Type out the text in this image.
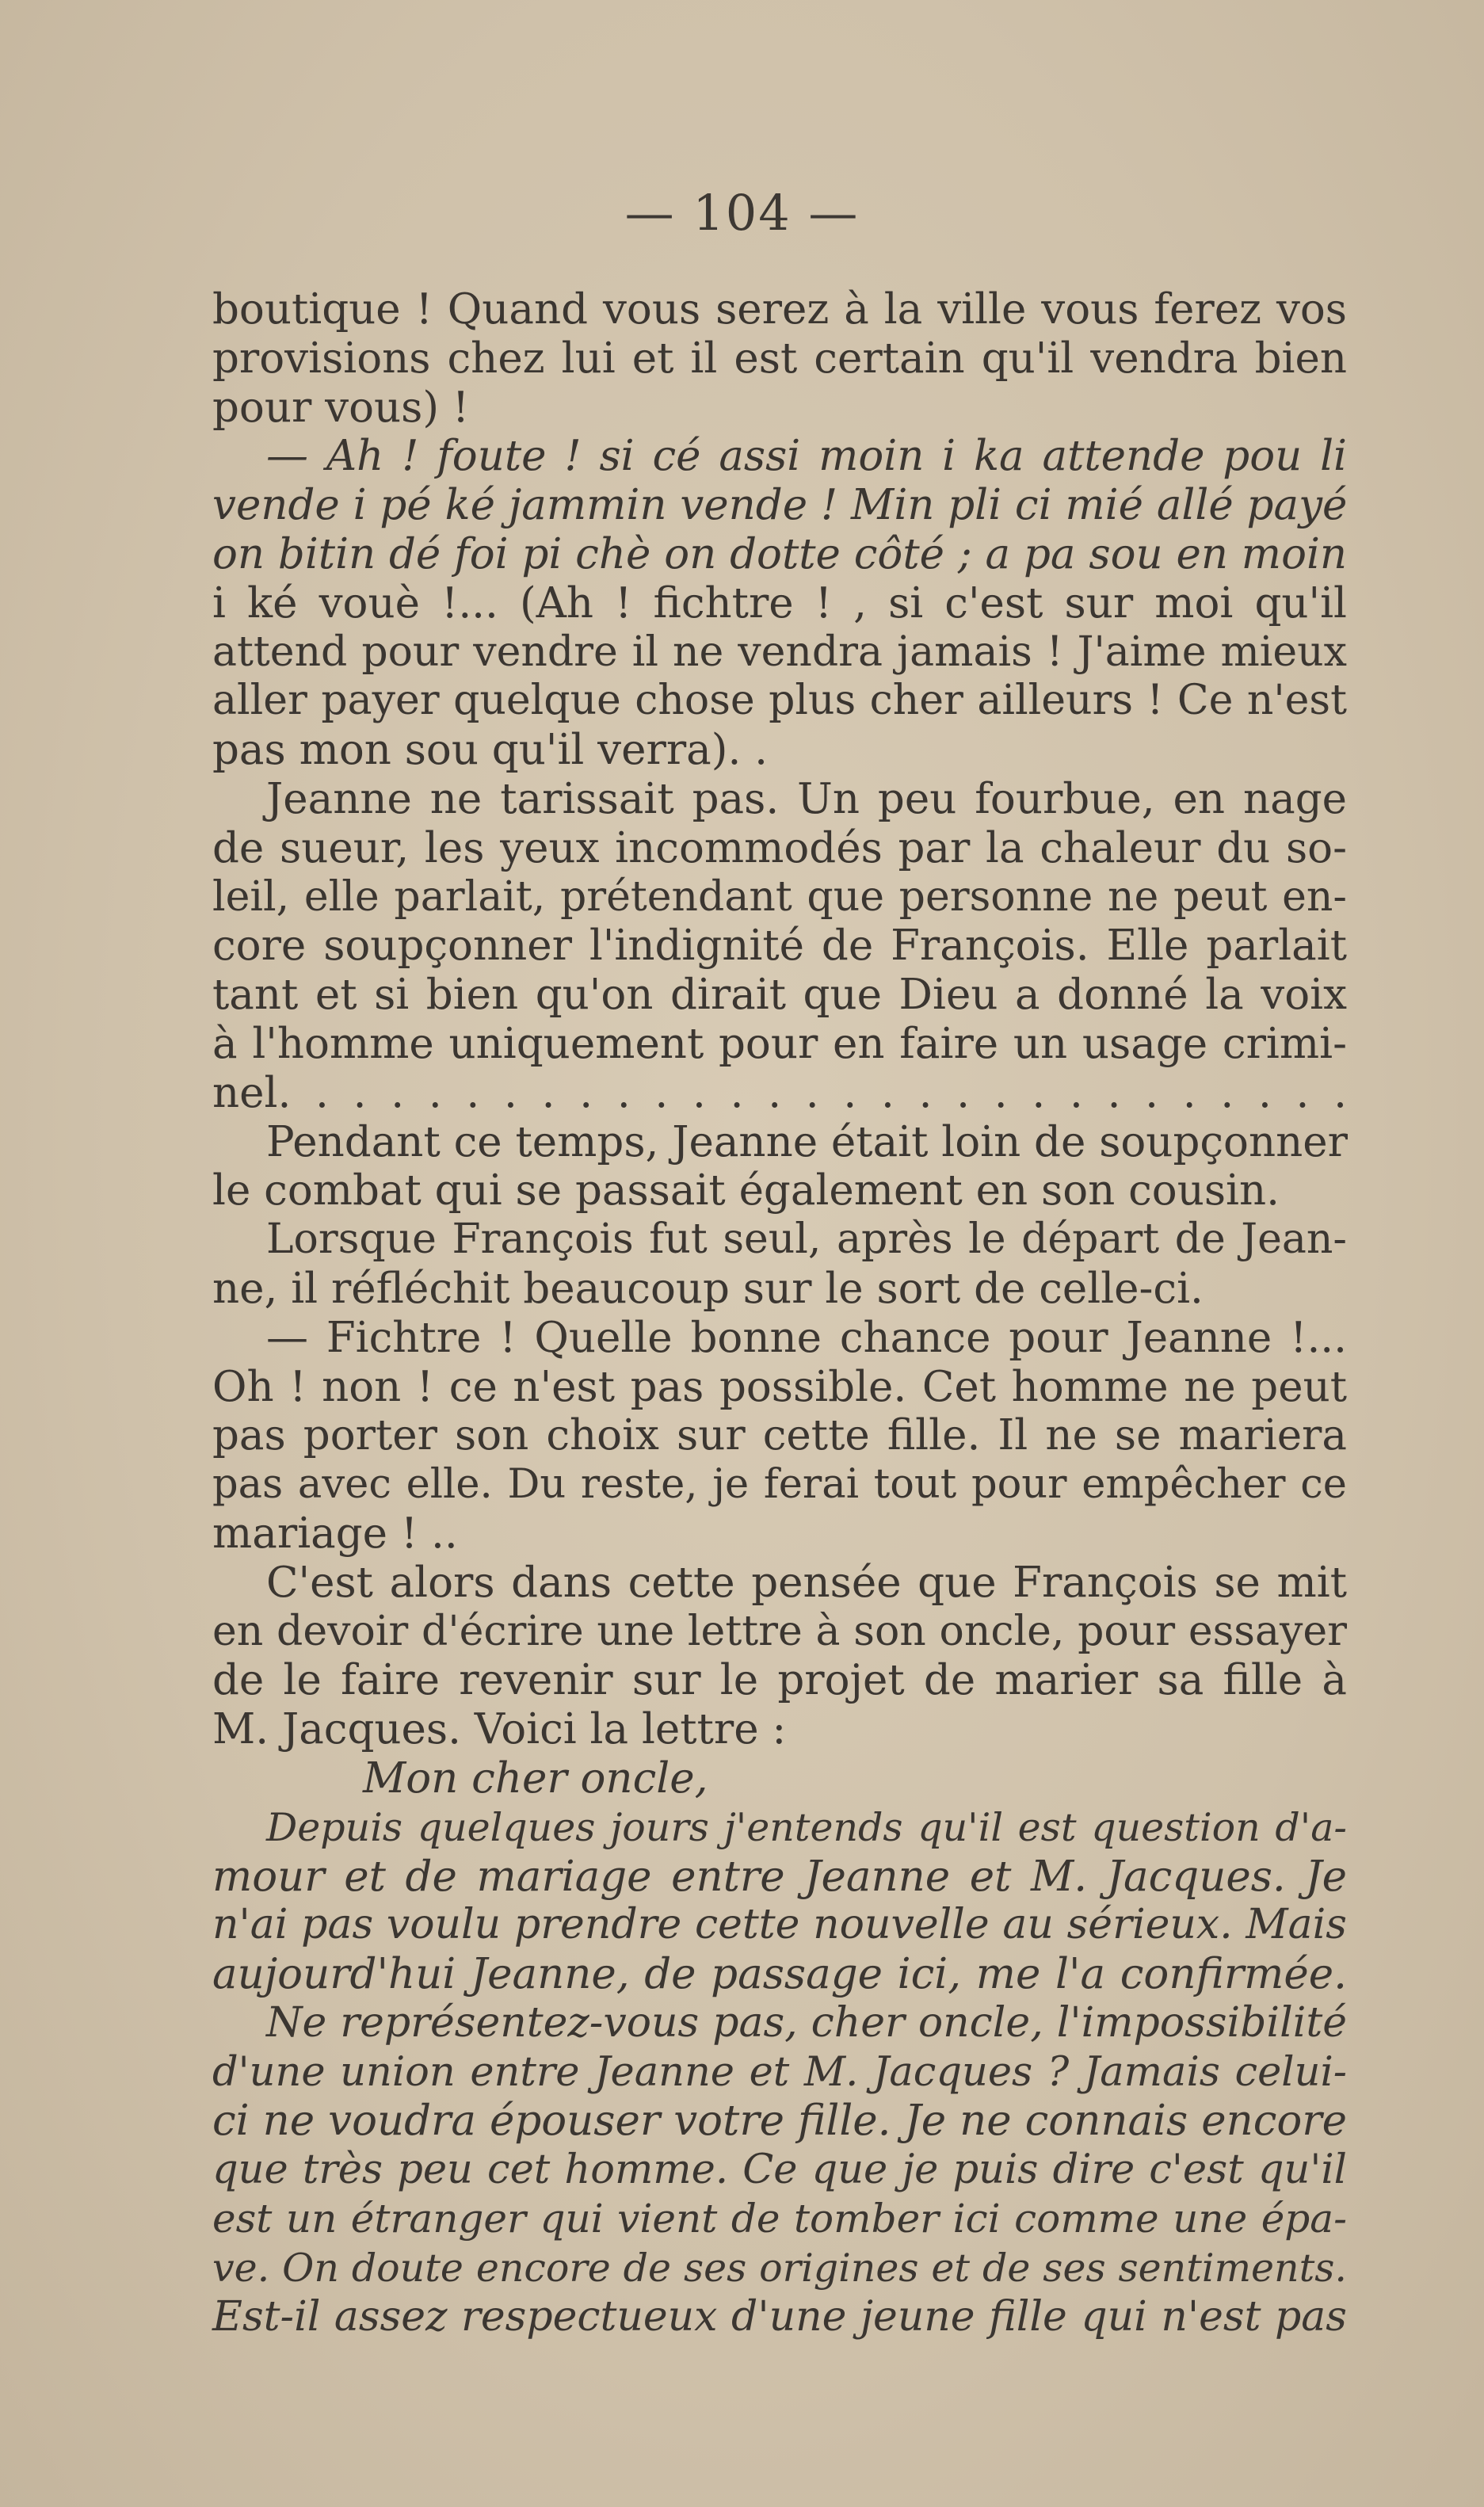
— 104 —
boutique ! Quand vous serez à la ville vous ferez vos
provisions chez lui et il est certain qu'il vendra bien
pour vous) !
— Ah ! foute ! si cé assi moin i ka attende pou li
vende i pé ké jammin vende ! Min pli ci mié allé payé
on bitin dé foi pi chè on dotte côté ; a pa sou en moin
i ké vouè !... (Ah ! fichtre ! , si c'est sur moi qu'il
attend pour vendre il ne vendra jamais ! J'aime mieux
aller payer quelque chose plus cher ailleurs ! Ce n'est
pas mon sou qu'il verra). .
Jeanne ne tarissait pas. Un peu fourbue, en nage
de sueur, les yeux incommodés par la chaleur du so-
leil, elle parlait, prétendant que personne ne peut en-
core soupçonner l'indignité de François. Elle parlait
tant et si bien qu'on dirait que Dieu a donné la voix
à l'homme uniquement pour en faire un usage crimi-
nel. . . . . . . . . . . . . . . . . . . . . . . . . . . . .
Pendant ce temps, Jeanne était loin de soupçonner
le combat qui se passait également en son cousin.
Lorsque François fut seul, après le départ de Jean-
ne, il réfléchit beaucoup sur le sort de celle-ci.
— Fichtre ! Quelle bonne chance pour Jeanne !...
Oh ! non ! ce n'est pas possible. Cet homme ne peut
pas porter son choix sur cette fille. Il ne se mariera
pas avec elle. Du reste, je ferai tout pour empêcher ce
mariage ! ..
C'est alors dans cette pensée que François se mit
en devoir d'écrire une lettre à son oncle, pour essayer
de le faire revenir sur le projet de marier sa fille à
M. Jacques. Voici la lettre :
Mon cher oncle,
Depuis quelques jours j'entends qu'il est question d'a-
mour et de mariage entre Jeanne et M. Jacques. Je
n'ai pas voulu prendre cette nouvelle au sérieux. Mais
aujourd'hui Jeanne, de passage ici, me l'a confirmée.
Ne représentez-vous pas, cher oncle, l'impossibilité
d'une union entre Jeanne et M. Jacques ? Jamais celui-
ci ne voudra épouser votre fille. Je ne connais encore
que très peu cet homme. Ce que je puis dire c'est qu'il
est un étranger qui vient de tomber ici comme une épa-
ve. On doute encore de ses origines et de ses sentiments.
Est-il assez respectueux d'une jeune fille qui n'est pas
